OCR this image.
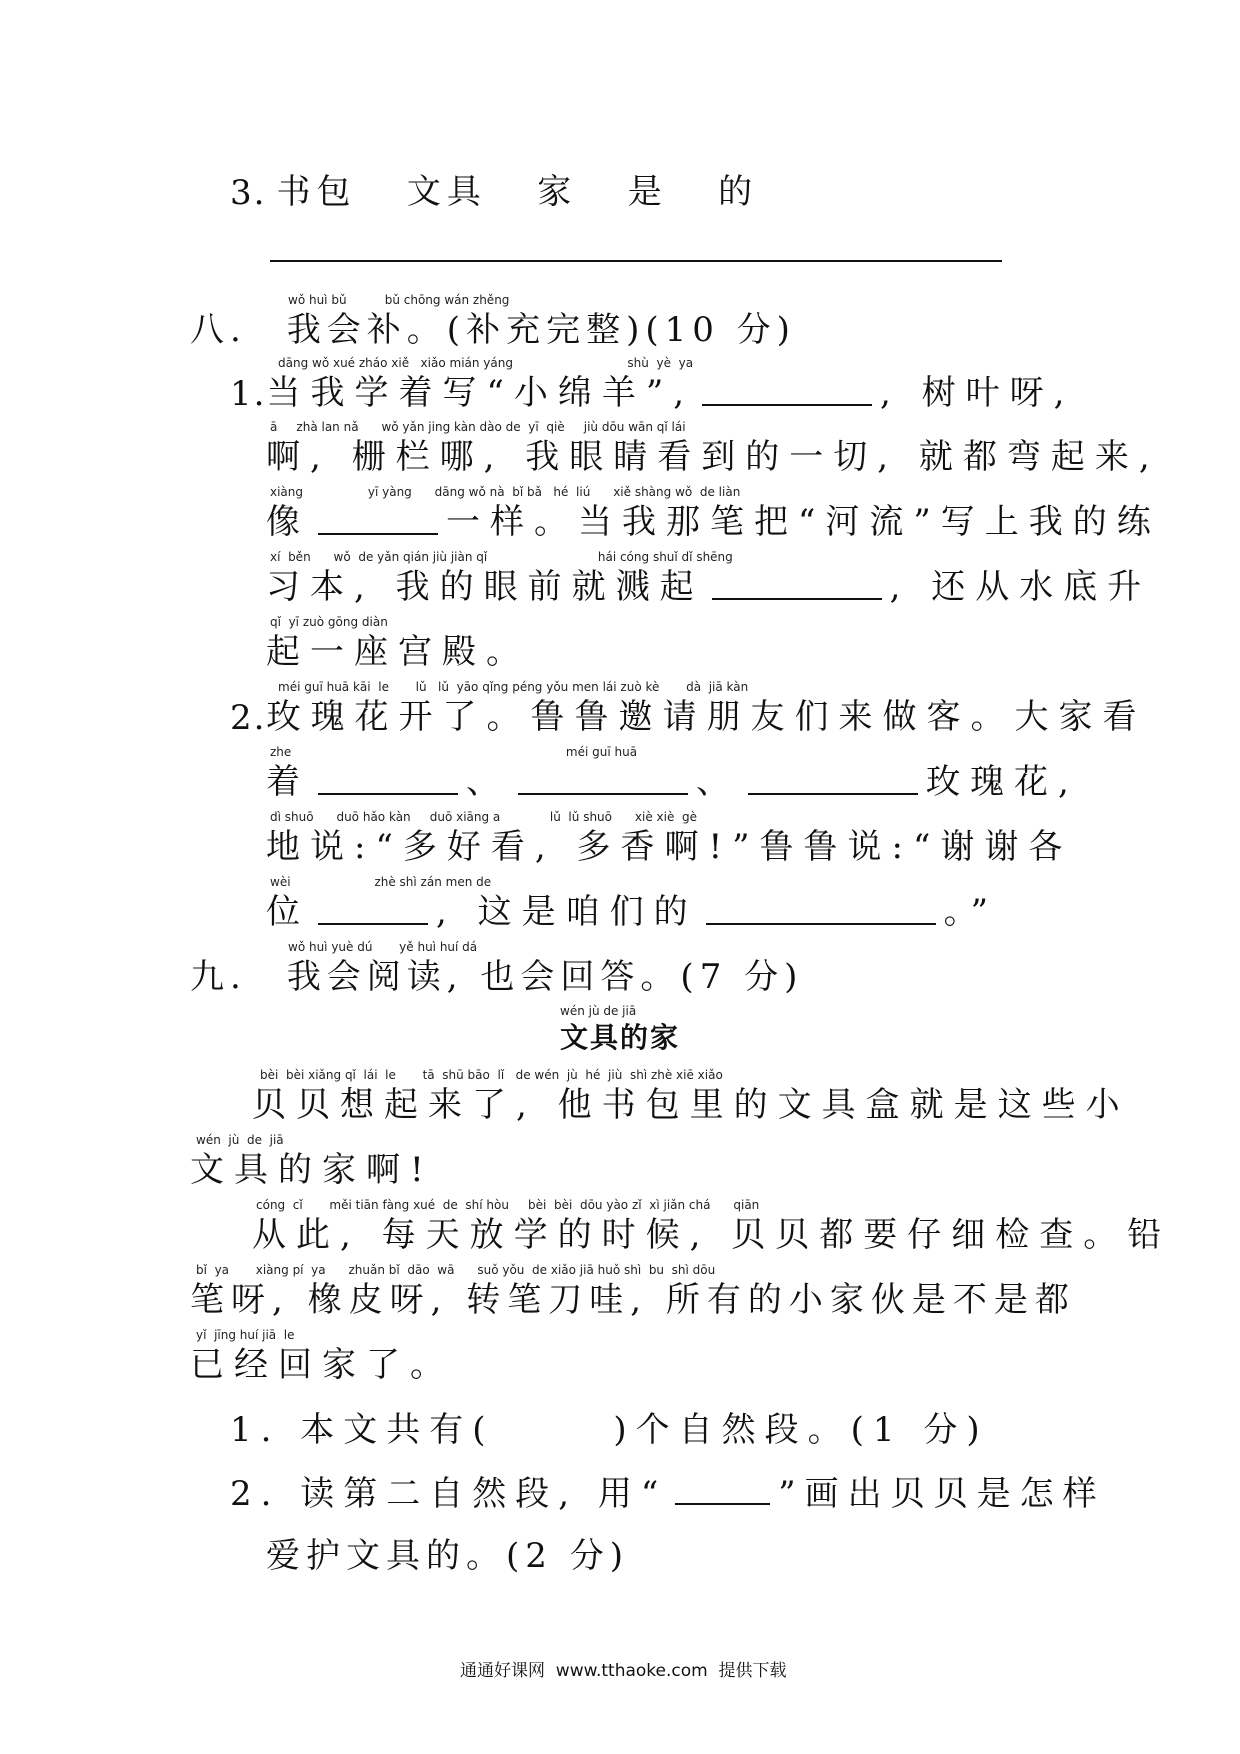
3. 书包   文具   家   是   的
wǒ huì bǔ          bǔ chōng wán zhěng
八. 我会补。(补充完整)(10 分)
dāng wǒ xué zháo xiě   xiǎo mián yáng                              shù  yè  ya
1. 当我学着写“小绵羊”,	, 树叶呀,
ā     zhà lan nǎ      wǒ yǎn jing kàn dào de  yī  qiè     jiù dōu wān qǐ lái
啊, 栅栏哪, 我眼睛看到的一切, 就都弯起来,
xiàng                 yī yàng      dāng wǒ nà  bǐ bǎ   hé  liú      xiě shàng wǒ  de liàn
像	一样。当我那笔把“河流”写上我的练
xí  běn      wǒ  de yǎn qián jiù jiàn qǐ                             hái cóng shuǐ dǐ shēng
习本, 我的眼前就溅起	, 还从水底升
qǐ  yī zuò gōng diàn
起一座宫殿。
méi guī huā kāi  le       lǔ   lǔ  yāo qǐng péng yǒu men lái zuò kè       dà  jiā kàn
2. 玫瑰花开了。鲁鲁邀请朋友们来做客。大家看
zhe                                                                        méi guī huā
着	、	、	玫瑰花,
dì shuō      duō hǎo kàn     duō xiāng a             lǔ  lǔ shuō      xiè xiè  gè
地说:“多好看, 多香啊!”鲁鲁说:“谢谢各
wèi                      zhè shì zán men de
位	, 这是咱们的	。”
wǒ huì yuè dú       yě huì huí dá
九. 我会阅读, 也会回答。(7 分)
wén jù de jiā
文具的家
bèi  bèi xiǎng qǐ  lái  le       tā  shū bāo  lǐ   de wén  jù  hé  jiù  shì zhè xiē xiǎo
贝贝想起来了, 他书包里的文具盒就是这些小
wén  jù  de  jiā
文具的家啊!
cóng  cǐ       měi tiān fàng xué  de  shí hòu     bèi  bèi  dōu yào zǐ  xì jiǎn chá      qiān
从此, 每天放学的时候, 贝贝都要仔细检查。铅
bǐ  ya       xiàng pí  ya      zhuǎn bǐ  dāo  wā      suǒ yǒu  de xiǎo jiā huǒ shì  bu  shì dōu
笔呀, 橡皮呀, 转笔刀哇, 所有的小家伙是不是都
yǐ  jīng huí jiā  le
已经回家了。
1. 本文共有(      )个自然段。(1 分)
2. 读第二自然段, 用“	”画出贝贝是怎样
爱护文具的。(2 分)
通通好课网  www.tthaoke.com  提供下载
